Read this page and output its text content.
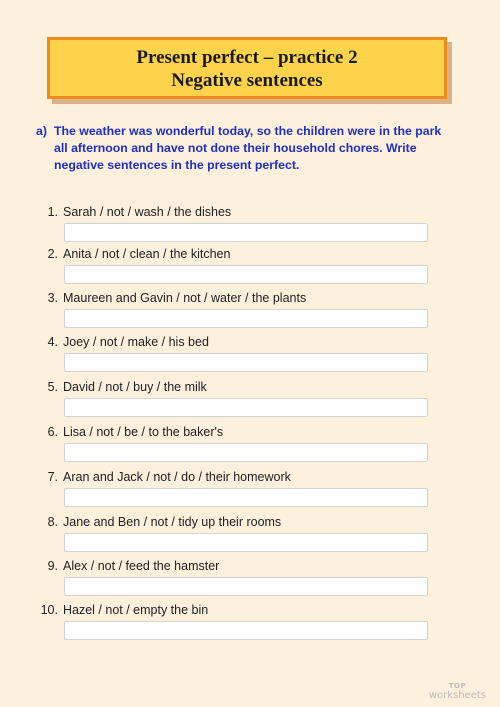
Present perfect – practice 2
Negative sentences
a) The weather was wonderful today, so the children were in the park all afternoon and have not done their household chores. Write negative sentences in the present perfect.
1. Sarah / not / wash / the dishes
2. Anita / not / clean / the kitchen
3. Maureen and Gavin / not / water / the plants
4. Joey / not / make / his bed
5. David / not / buy / the milk
6. Lisa / not / be / to the baker's
7. Aran and Jack / not / do / their homework
8. Jane and Ben / not / tidy up their rooms
9. Alex / not / feed the hamster
10. Hazel / not / empty the bin
TOP
worksheets
